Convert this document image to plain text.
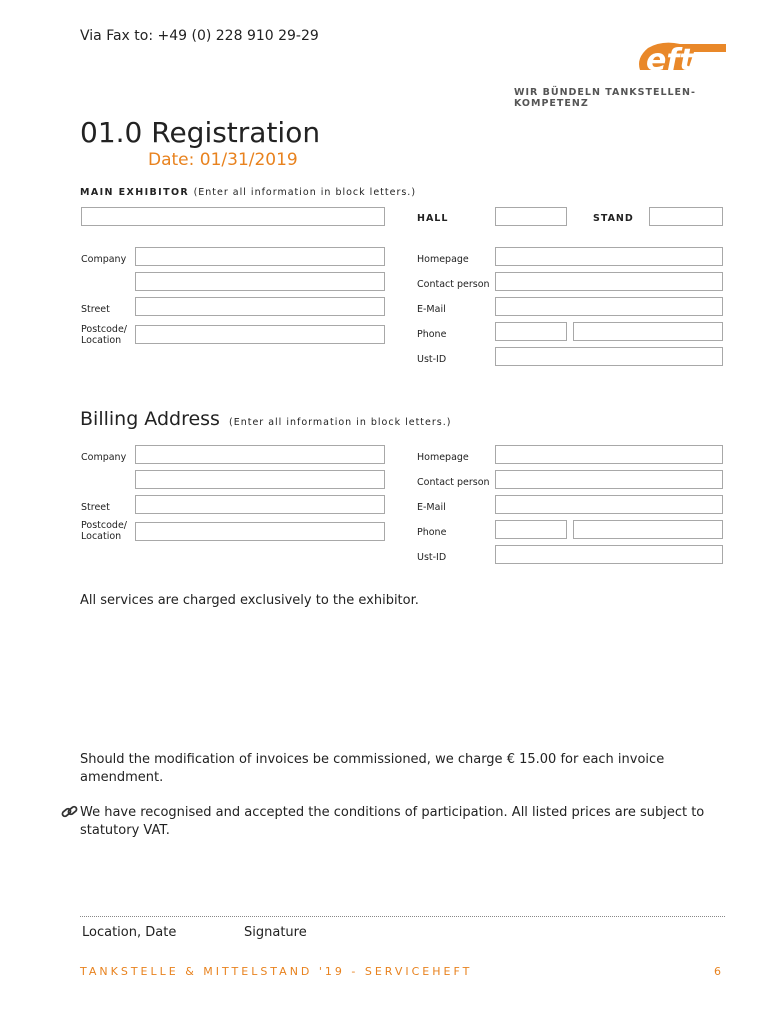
Via Fax to: +49 (0) 228 910 29-29
eft
WIR BÜNDELN TANKSTELLEN-KOMPETENZ
01.0 Registration
Date: 01/31/2019
MAIN EXHIBITOR (Enter all information in block letters.)
HALL	STAND
Company
Street
Postcode/
Location
Homepage
Contact person
E-Mail
Phone
Ust-ID
Billing Address (Enter all information in block letters.)
Company
Street
Postcode/
Location
Homepage
Contact person
E-Mail
Phone
Ust-ID
All services are charged exclusively to the exhibitor.
Should the modification of invoices be commissioned, we charge € 15.00 for each invoice amendment.
We have recognised and accepted the conditions of participation. All listed prices are subject to statutory VAT.
Location, Date	Signature
TANKSTELLE & MITTELSTAND '19 - SERVICEHEFT	6
